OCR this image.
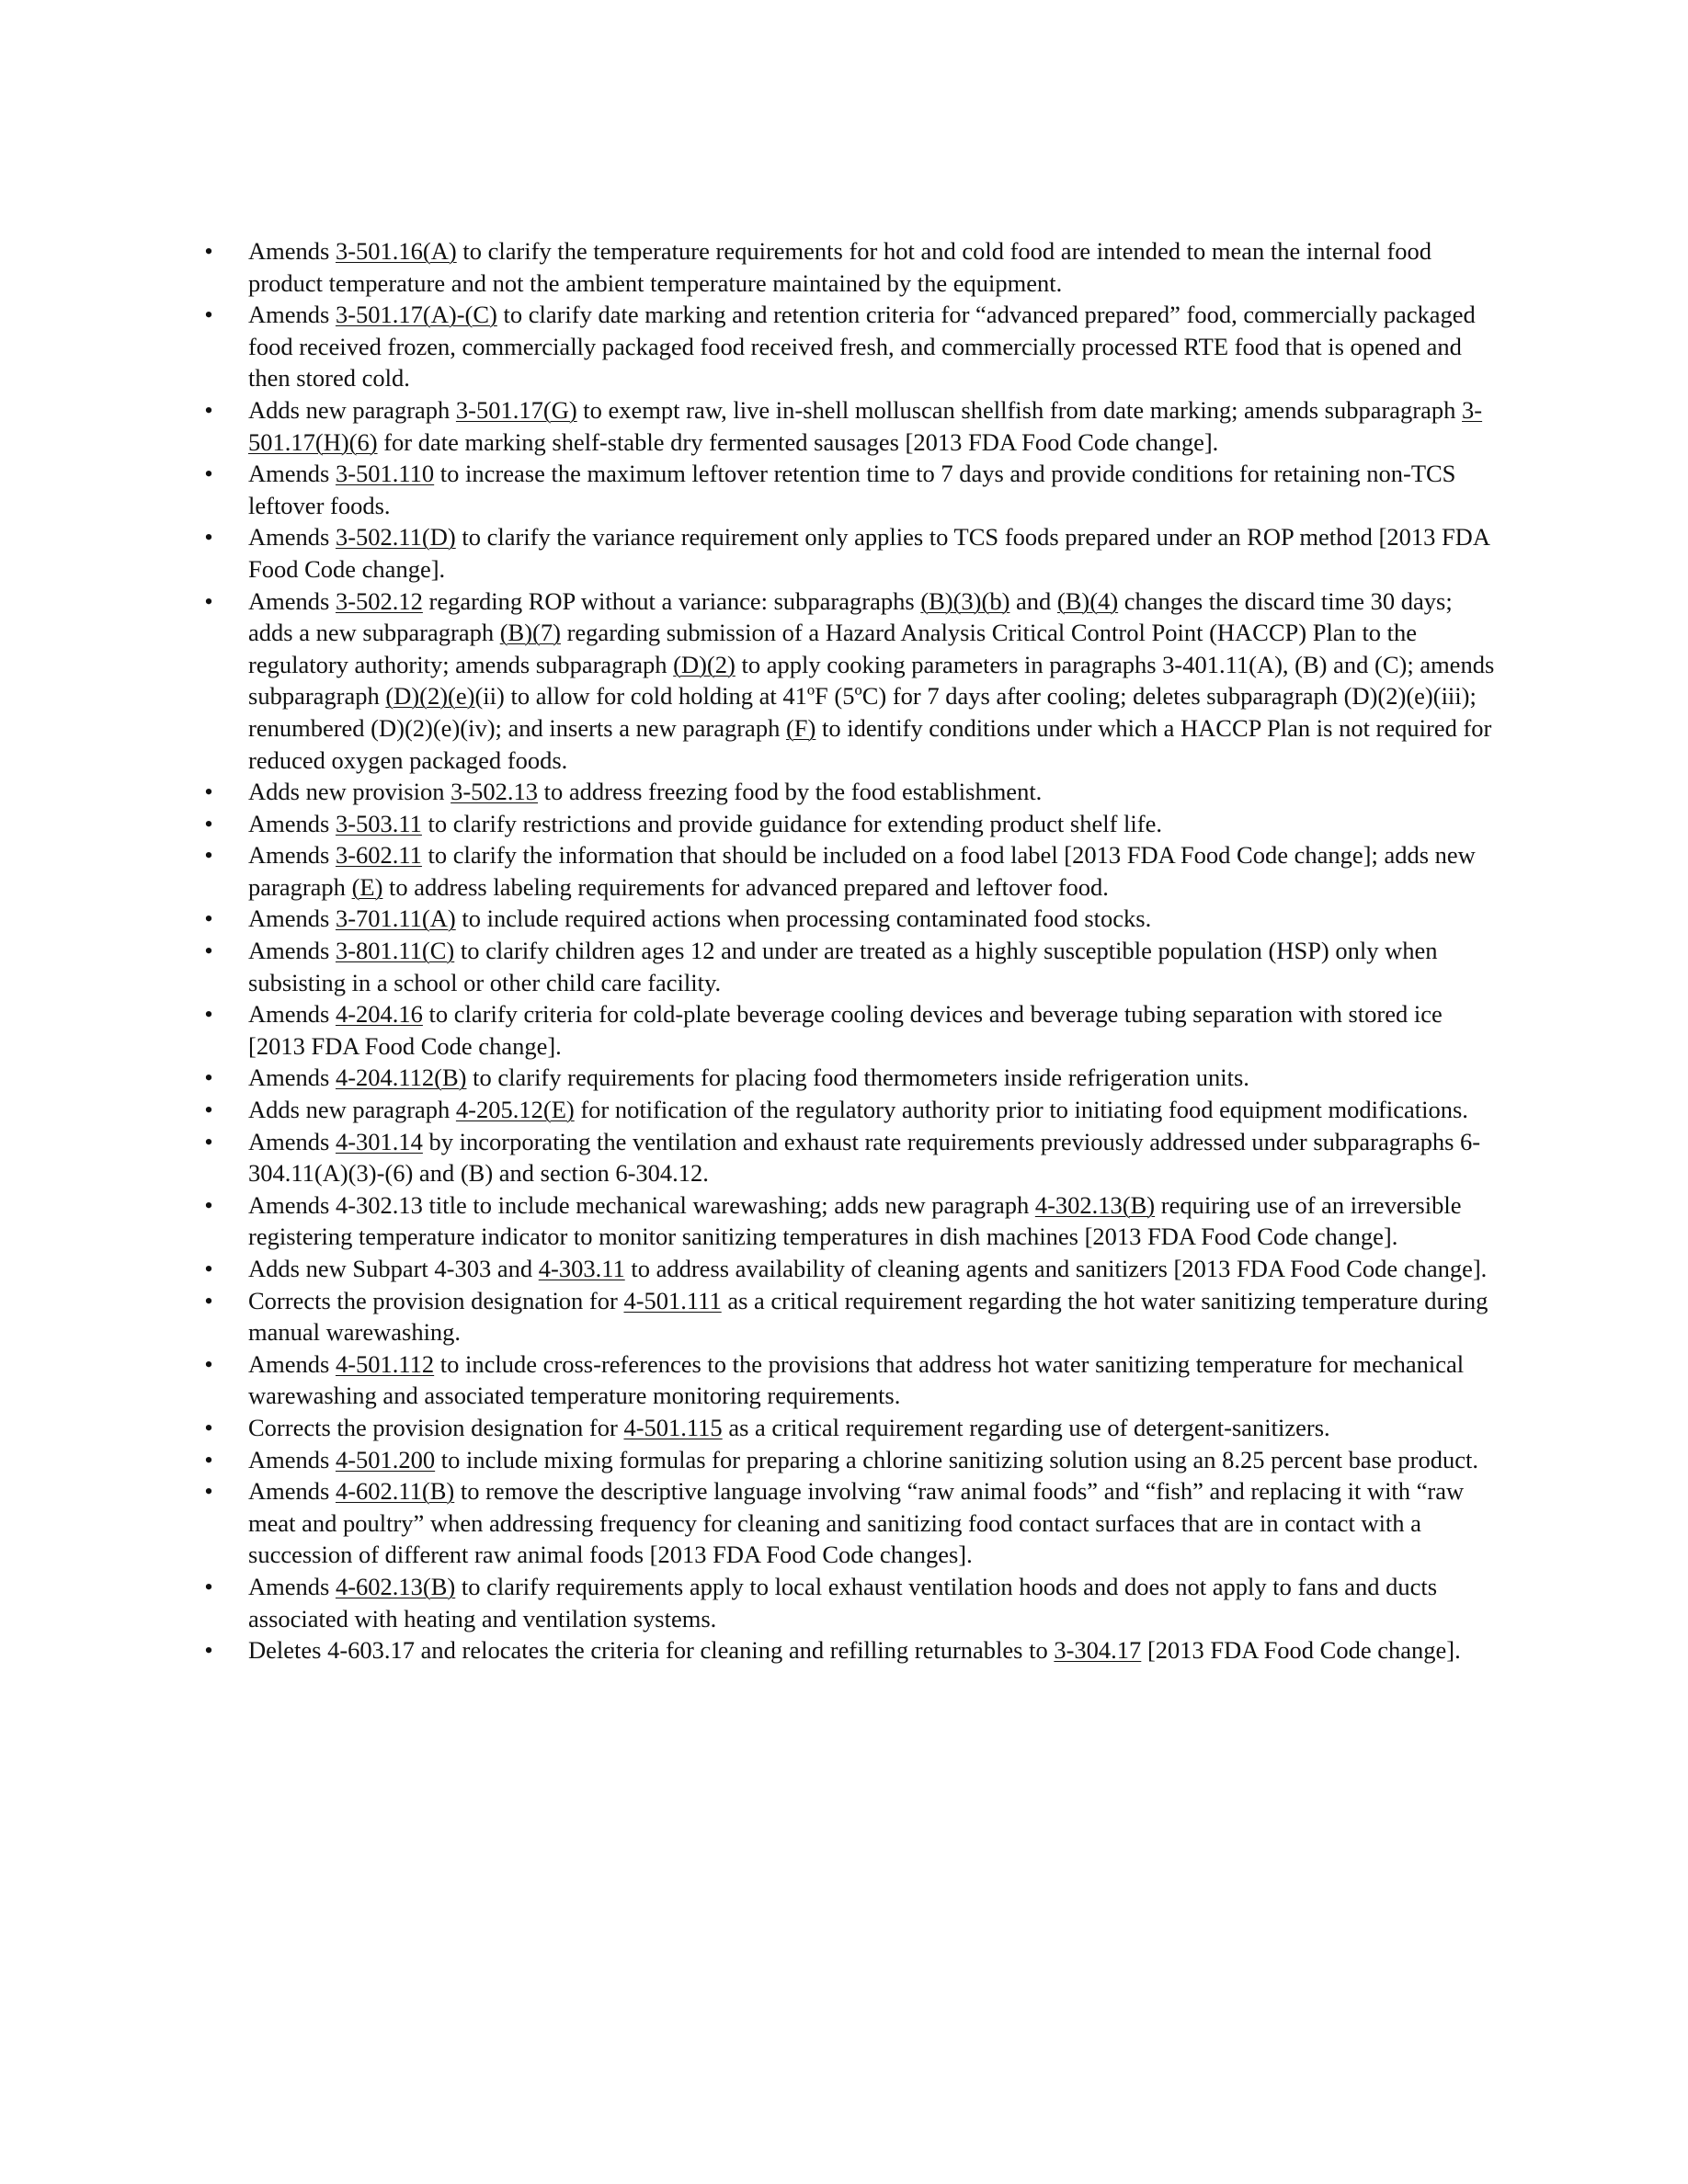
• Amends 3-501.16(A) to clarify the temperature requirements for hot and cold food are intended to mean the internal food product temperature and not the ambient temperature maintained by the equipment.
• Amends 3-501.17(A)-(C) to clarify date marking and retention criteria for “advanced prepared” food, commercially packaged food received frozen, commercially packaged food received fresh, and commercially processed RTE food that is opened and then stored cold.
• Adds new paragraph 3-501.17(G) to exempt raw, live in-shell molluscan shellfish from date marking; amends subparagraph 3-501.17(H)(6) for date marking shelf-stable dry fermented sausages [2013 FDA Food Code change].
• Amends 3-501.110 to increase the maximum leftover retention time to 7 days and provide conditions for retaining non-TCS leftover foods.
• Amends 3-502.11(D) to clarify the variance requirement only applies to TCS foods prepared under an ROP method [2013 FDA Food Code change].
• Amends 3-502.12 regarding ROP without a variance: subparagraphs (B)(3)(b) and (B)(4) changes the discard time 30 days; adds a new subparagraph (B)(7) regarding submission of a Hazard Analysis Critical Control Point (HACCP) Plan to the regulatory authority; amends subparagraph (D)(2) to apply cooking parameters in paragraphs 3-401.11(A), (B) and (C); amends subparagraph (D)(2)(e)(ii) to allow for cold holding at 41ºF (5ºC) for 7 days after cooling; deletes subparagraph (D)(2)(e)(iii); renumbered (D)(2)(e)(iv); and inserts a new paragraph (F) to identify conditions under which a HACCP Plan is not required for reduced oxygen packaged foods.
• Adds new provision 3-502.13 to address freezing food by the food establishment.
• Amends 3-503.11 to clarify restrictions and provide guidance for extending product shelf life.
• Amends 3-602.11 to clarify the information that should be included on a food label [2013 FDA Food Code change]; adds new paragraph (E) to address labeling requirements for advanced prepared and leftover food.
• Amends 3-701.11(A) to include required actions when processing contaminated food stocks.
• Amends 3-801.11(C) to clarify children ages 12 and under are treated as a highly susceptible population (HSP) only when subsisting in a school or other child care facility.
• Amends 4-204.16 to clarify criteria for cold-plate beverage cooling devices and beverage tubing separation with stored ice [2013 FDA Food Code change].
• Amends 4-204.112(B) to clarify requirements for placing food thermometers inside refrigeration units.
• Adds new paragraph 4-205.12(E) for notification of the regulatory authority prior to initiating food equipment modifications.
• Amends 4-301.14 by incorporating the ventilation and exhaust rate requirements previously addressed under subparagraphs 6-304.11(A)(3)-(6) and (B) and section 6-304.12.
• Amends 4-302.13 title to include mechanical warewashing; adds new paragraph 4-302.13(B) requiring use of an irreversible registering temperature indicator to monitor sanitizing temperatures in dish machines [2013 FDA Food Code change].
• Adds new Subpart 4-303 and 4-303.11 to address availability of cleaning agents and sanitizers [2013 FDA Food Code change].
• Corrects the provision designation for 4-501.111 as a critical requirement regarding the hot water sanitizing temperature during manual warewashing.
• Amends 4-501.112 to include cross-references to the provisions that address hot water sanitizing temperature for mechanical warewashing and associated temperature monitoring requirements.
• Corrects the provision designation for 4-501.115 as a critical requirement regarding use of detergent-sanitizers.
• Amends 4-501.200 to include mixing formulas for preparing a chlorine sanitizing solution using an 8.25 percent base product.
• Amends 4-602.11(B) to remove the descriptive language involving “raw animal foods” and “fish” and replacing it with “raw meat and poultry” when addressing frequency for cleaning and sanitizing food contact surfaces that are in contact with a succession of different raw animal foods [2013 FDA Food Code changes].
• Amends 4-602.13(B) to clarify requirements apply to local exhaust ventilation hoods and does not apply to fans and ducts associated with heating and ventilation systems.
• Deletes 4-603.17 and relocates the criteria for cleaning and refilling returnables to 3-304.17 [2013 FDA Food Code change].
